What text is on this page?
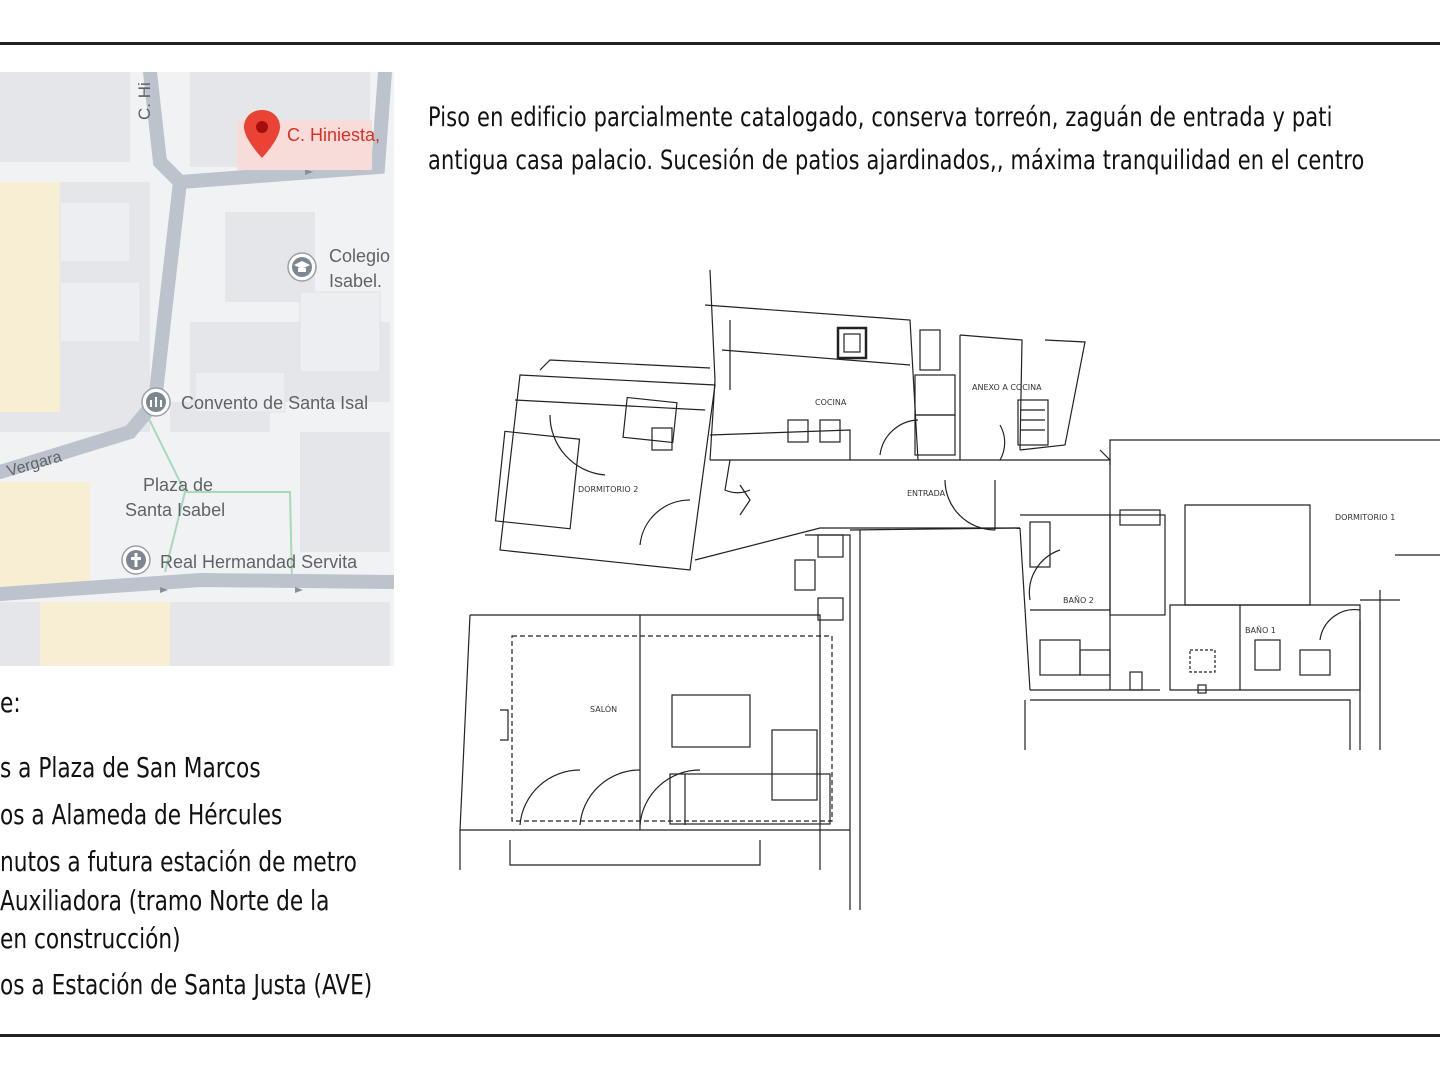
C. Hiniesta,
C. Hi
Colegio
Isabel.
Convento de Santa Isal
Vergara
Plaza de
Santa Isabel
Real Hermandad Servita
Piso en edificio parcialmente catalogado, conserva torreón, zaguán de entrada y pati
antigua casa palacio. Sucesión de patios ajardinados,, máxima tranquilidad en el centro
e:
s a Plaza de San Marcos
os a Alameda de Hércules
nutos a futura estación de metro
Auxiliadora (tramo Norte de la
en construcción)
os a Estación de Santa Justa (AVE)
COCINA
ANEXO A COCINA
DORMITORIO 2	ENTRADA
DORMITORIO 1
BAÑO 2
BAÑO 1
SALÓN
